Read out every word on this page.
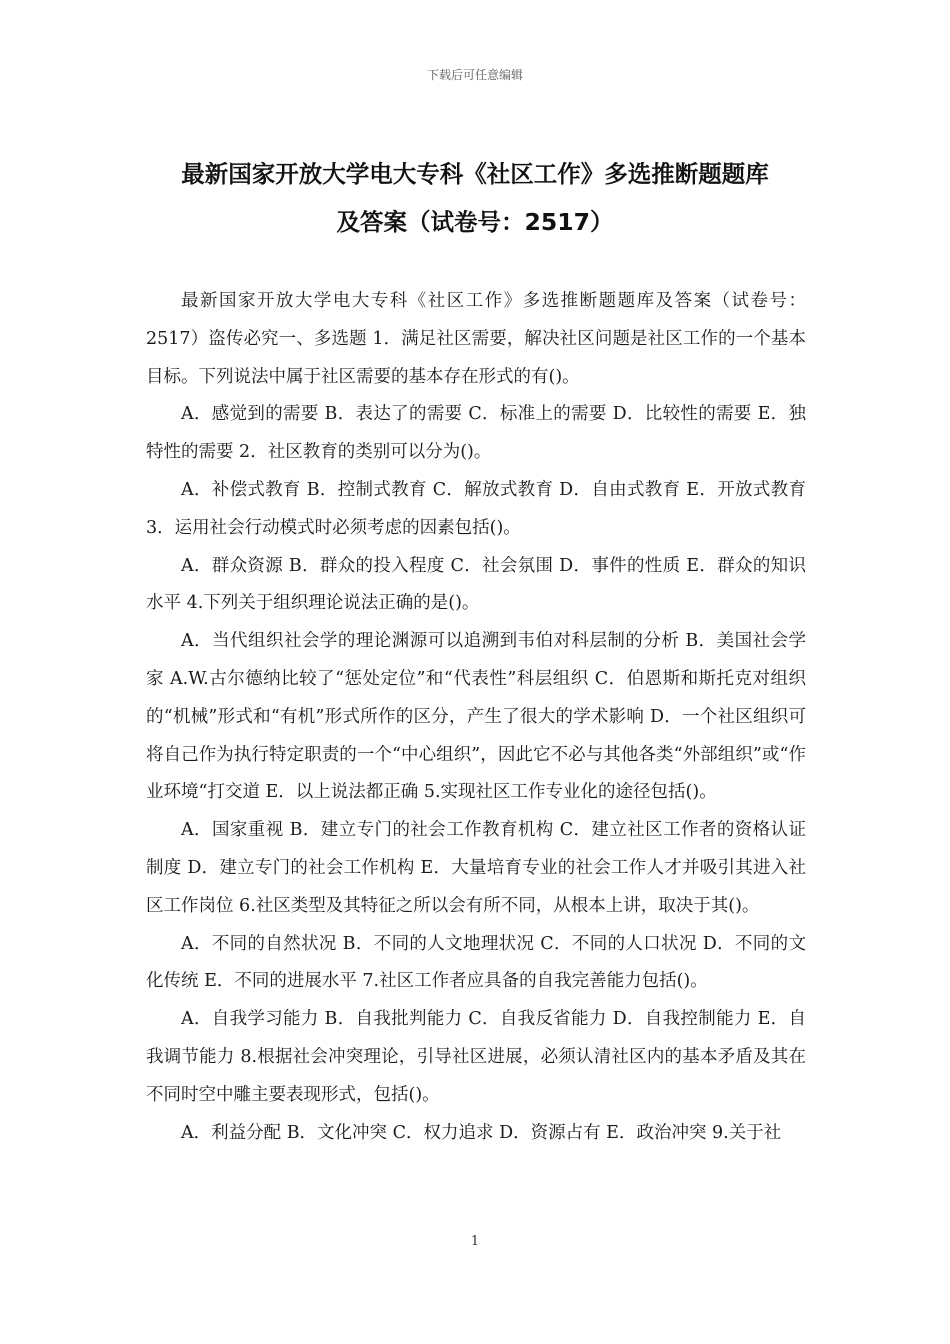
下载后可任意编辑
最新国家开放大学电大专科《社区工作》多选推断题题库
及答案（试卷号：2517）

最新国家开放大学电大专科《社区工作》多选推断题题库及答案（试卷号：2517）盗传必究一、多选题 1．满足社区需要，解决社区问题是社区工作的一个基本目标。下列说法中属于社区需要的基本存在形式的有()。

A．感觉到的需要 B．表达了的需要 C．标准上的需要 D．比较性的需要 E．独特性的需要 2．社区教育的类别可以分为()。

A．补偿式教育 B．控制式教育 C．解放式教育 D．自由式教育 E．开放式教育 3．运用社会行动模式时必须考虑的因素包括()。

A．群众资源 B．群众的投入程度 C．社会氛围 D．事件的性质 E．群众的知识水平 4.下列关于组织理论说法正确的是()。

A．当代组织社会学的理论渊源可以追溯到韦伯对科层制的分析 B．美国社会学家 A.W.古尔德纳比较了“惩处定位”和“代表性”科层组织 C．伯恩斯和斯托克对组织的“机械”形式和“有机”形式所作的区分，产生了很大的学术影响 D．一个社区组织可将自己作为执行特定职责的一个“中心组织”，因此它不必与其他各类“外部组织”或“作业环境“打交道 E．以上说法都正确 5.实现社区工作专业化的途径包括()。

A．国家重视 B．建立专门的社会工作教育机构 C．建立社区工作者的资格认证制度 D．建立专门的社会工作机构 E．大量培育专业的社会工作人才并吸引其进入社区工作岗位 6.社区类型及其特征之所以会有所不同，从根本上讲，取决于其()。

A．不同的自然状况 B．不同的人文地理状况 C．不同的人口状况 D．不同的文化传统 E．不同的进展水平 7.社区工作者应具备的自我完善能力包括()。

A．自我学习能力 B．自我批判能力 C．自我反省能力 D．自我控制能力 E．自我调节能力 8.根据社会冲突理论，引导社区进展，必须认清社区内的基本矛盾及其在不同时空中雕主要表现形式，包括()。

A．利益分配 B．文化冲突 C．权力追求 D．资源占有 E．政治冲突 9.关于社

1
